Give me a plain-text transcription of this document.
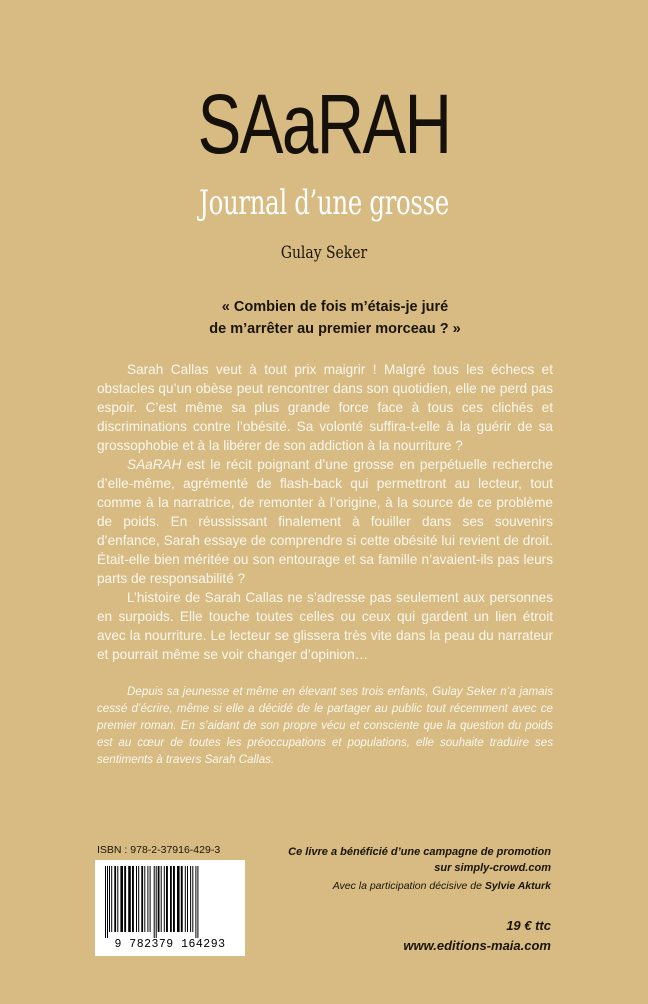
SAaRAH
Journal d’une grosse
Gulay Seker
« Combien de fois m’étais-je juré
de m’arrêter au premier morceau ? »

Sarah Callas veut à tout prix maigrir ! Malgré tous les échecs et obstacles qu’un obèse peut rencontrer dans son quotidien, elle ne perd pas espoir. C’est même sa plus grande force face à tous ces clichés et discriminations contre l’obésité. Sa volonté suffira-t-elle à la guérir de sa grossophobie et à la libérer de son addiction à la nourriture ?

SAaRAH est le récit poignant d’une grosse en perpétuelle recherche d’elle-même, agrémenté de flash-back qui permettront au lecteur, tout comme à la narratrice, de remonter à l’origine, à la source de ce problème de poids. En réussissant finalement à fouiller dans ses souvenirs d’enfance, Sarah essaye de comprendre si cette obésité lui revient de droit. Était-elle bien méritée ou son entourage et sa famille n’avaient-ils pas leurs parts de responsabilité ?

L’histoire de Sarah Callas ne s’adresse pas seulement aux personnes en surpoids. Elle touche toutes celles ou ceux qui gardent un lien étroit avec la nourriture. Le lecteur se glissera très vite dans la peau du narrateur et pourrait même se voir changer d’opinion…

Depuis sa jeunesse et même en élevant ses trois enfants, Gulay Seker n’a jamais cessé d’écrire, même si elle a décidé de le partager au public tout récemment avec ce premier roman. En s’aidant de son propre vécu et consciente que la question du poids est au cœur de toutes les préoccupations et populations, elle souhaite traduire ses sentiments à travers Sarah Callas.

ISBN : 978-2-37916-429-3
9 782379 164293
Ce livre a bénéficié d’une campagne de promotion
sur simply-crowd.com
Avec la participation décisive de Sylvie Akturk
19 € ttc
www.editions-maia.com
